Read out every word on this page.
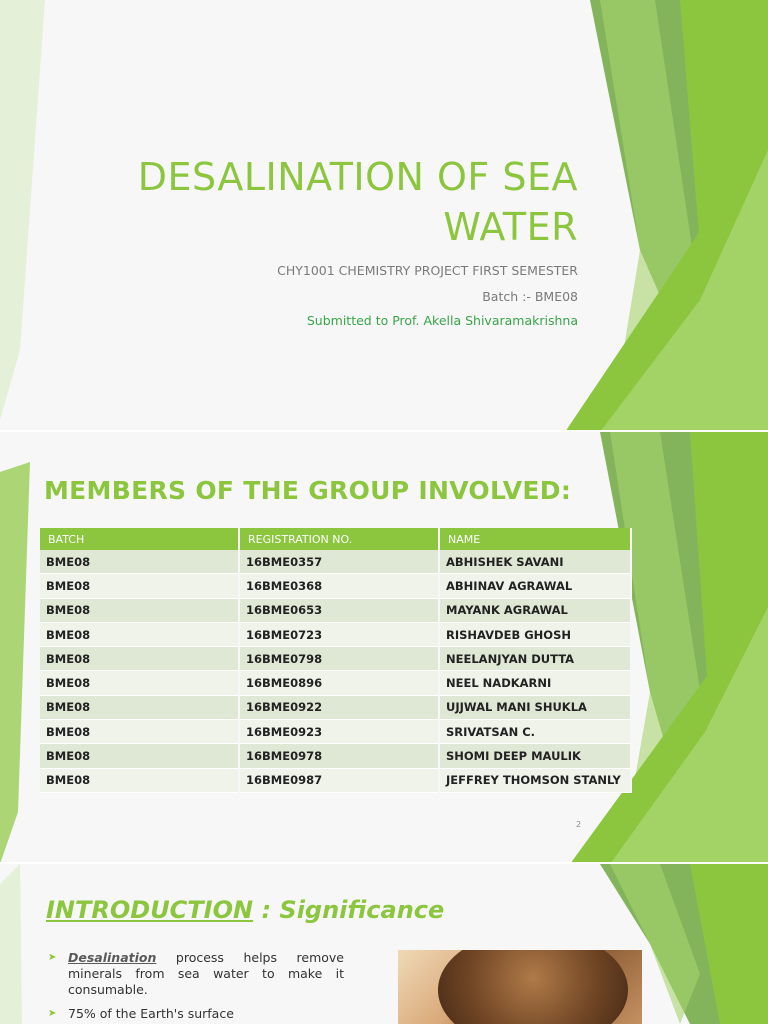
DESALINATION OF SEA
WATER
CHY1001 CHEMISTRY PROJECT FIRST SEMESTER
Batch :- BME08
Submitted to Prof. Akella Shivaramakrishna
MEMBERS OF THE GROUP INVOLVED:
BATCH	REGISTRATION NO.	NAME
BME08	16BME0357	ABHISHEK SAVANI
BME08	16BME0368	ABHINAV AGRAWAL
BME08	16BME0653	MAYANK AGRAWAL
BME08	16BME0723	RISHAVDEB GHOSH
BME08	16BME0798	NEELANJYAN DUTTA
BME08	16BME0896	NEEL NADKARNI
BME08	16BME0922	UJJWAL MANI SHUKLA
BME08	16BME0923	SRIVATSAN C.
BME08	16BME0978	SHOMI DEEP MAULIK
BME08	16BME0987	JEFFREY THOMSON STANLY
2
INTRODUCTION : Significance
➤ Desalination process helps remove minerals from sea water to make it consumable.
➤ 75% of the Earth's surface
